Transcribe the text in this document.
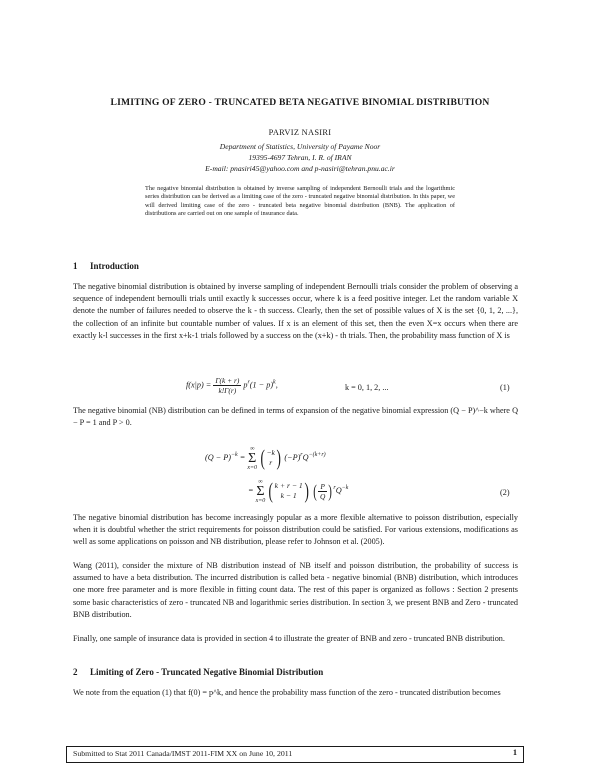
LIMITING OF ZERO - TRUNCATED BETA NEGATIVE BINOMIAL DISTRIBUTION
PARVIZ NASIRI
Department of Statistics, University of Payame Noor
19395-4697 Tehran, I. R. of IRAN
E-mail: pnasiri45@yahoo.com and p-nasiri@tehran.pnu.ac.ir
The negative binomial distribution is obtained by inverse sampling of independent Bernoulli trials and the logarithmic series distribution can be derived as a limiting case of the zero - truncated negative binomial distribution. In this paper, we will derived limiting case of the zero - truncated beta negative binomial distribution (BNB). The application of distributions are carried out on one sample of insurance data.
1 Introduction
The negative binomial distribution is obtained by inverse sampling of independent Bernoulli trials consider the problem of observing a sequence of independent bernoulli trials until exactly k successes occur, where k is a feed positive integer. Let the random variable X denote the number of failures needed to observe the k - th success. Clearly, then the set of possible values of X is the set {0, 1, 2, ...}, the collection of an infinite but countable number of values. If x is an element of this set, then the even X=x occurs when there are exactly k-l successes in the first x+k-1 trials followed by a success on the (x+k) - th trials. Then, the probability mass function of X is
$f(x|p) = \frac{\Gamma(k + r)}{k!\Gamma(r)} p^r(1 - p)^k$,	k = 0, 1, 2, ...	(1)
The negative binomial (NB) distribution can be defined in terms of expansion of the negative binomial expression (Q − P)^−k where Q − P = 1 and P > 0.
$(Q - P)^{-k}$ = ∞
Σ
x=0 (−k
r ) $(-P)^rQ^{-(k+r)}$
= ∞
Σ
x=0 (k + r − 1
k − 1 ) ( $\frac{P}{Q} )^rQ^{-k}$	(2)
The negative binomial distribution has become increasingly popular as a more flexible alternative to poisson distribution, especially when it is doubtful whether the strict requirements for poisson distribution could be satisfied. For various extensions, modifications as well as some applications on poisson and NB distribution, please refer to Johnson et al. (2005).
Wang (2011), consider the mixture of NB distribution instead of NB itself and poisson distribution, the probability of success is assumed to have a beta distribution. The incurred distribution is called beta - negative binomial (BNB) distribution, which introduces one more free parameter and is more flexible in fitting count data. The rest of this paper is organized as follows : Section 2 presents some basic characteristics of zero - truncated NB and logarithmic series distribution. In section 3, we present BNB and Zero - truncated BNB distribution.
Finally, one sample of insurance data is provided in section 4 to illustrate the greater of BNB and zero - truncated BNB distribution.
2 Limiting of Zero - Truncated Negative Binomial Distribution
We note from the equation (1) that f(0) = p^k, and hence the probability mass function of the zero - truncated distribution becomes
Submitted to Stat 2011 Canada/IMST 2011-FIM XX on June 10, 2011	1
